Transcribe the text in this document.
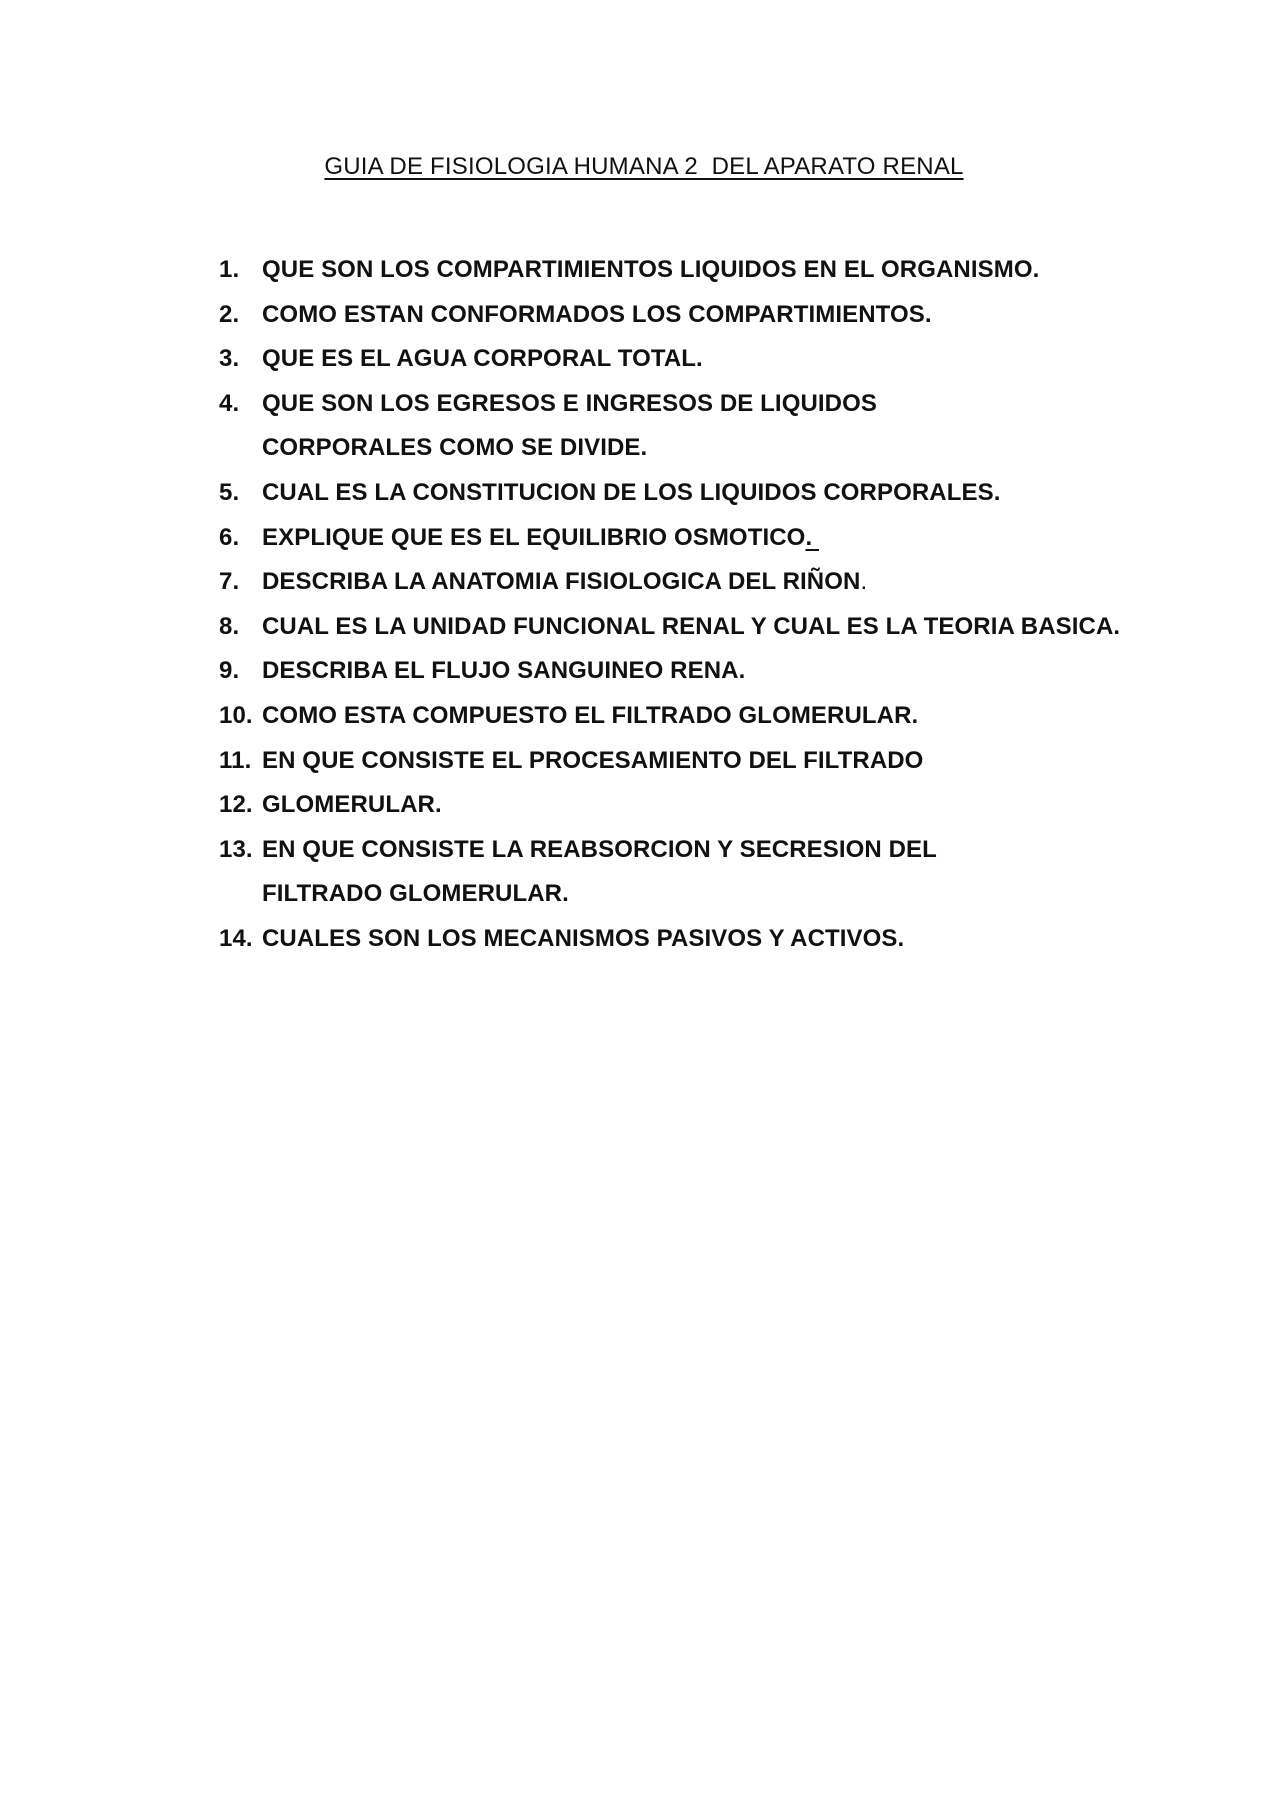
GUIA DE FISIOLOGIA HUMANA 2  DEL APARATO RENAL
1. QUE SON LOS COMPARTIMIENTOS LIQUIDOS EN EL ORGANISMO.
2. COMO ESTAN CONFORMADOS LOS COMPARTIMIENTOS.
3. QUE ES EL AGUA CORPORAL TOTAL.
4. QUE SON LOS EGRESOS E INGRESOS DE LIQUIDOS CORPORALES COMO SE DIVIDE.
5. CUAL ES LA CONSTITUCION DE LOS LIQUIDOS CORPORALES.
6. EXPLIQUE QUE ES EL EQUILIBRIO OSMOTICO.
7. DESCRIBA LA ANATOMIA FISIOLOGICA DEL RIÑON.
8. CUAL ES LA UNIDAD FUNCIONAL RENAL Y CUAL ES LA TEORIA BASICA.
9. DESCRIBA EL FLUJO SANGUINEO RENA.
10. COMO ESTA COMPUESTO EL FILTRADO GLOMERULAR.
11. EN QUE CONSISTE EL PROCESAMIENTO DEL FILTRADO
12. GLOMERULAR.
13. EN QUE CONSISTE LA REABSORCION Y SECRESION DEL FILTRADO GLOMERULAR.
14. CUALES SON LOS MECANISMOS PASIVOS Y ACTIVOS.
